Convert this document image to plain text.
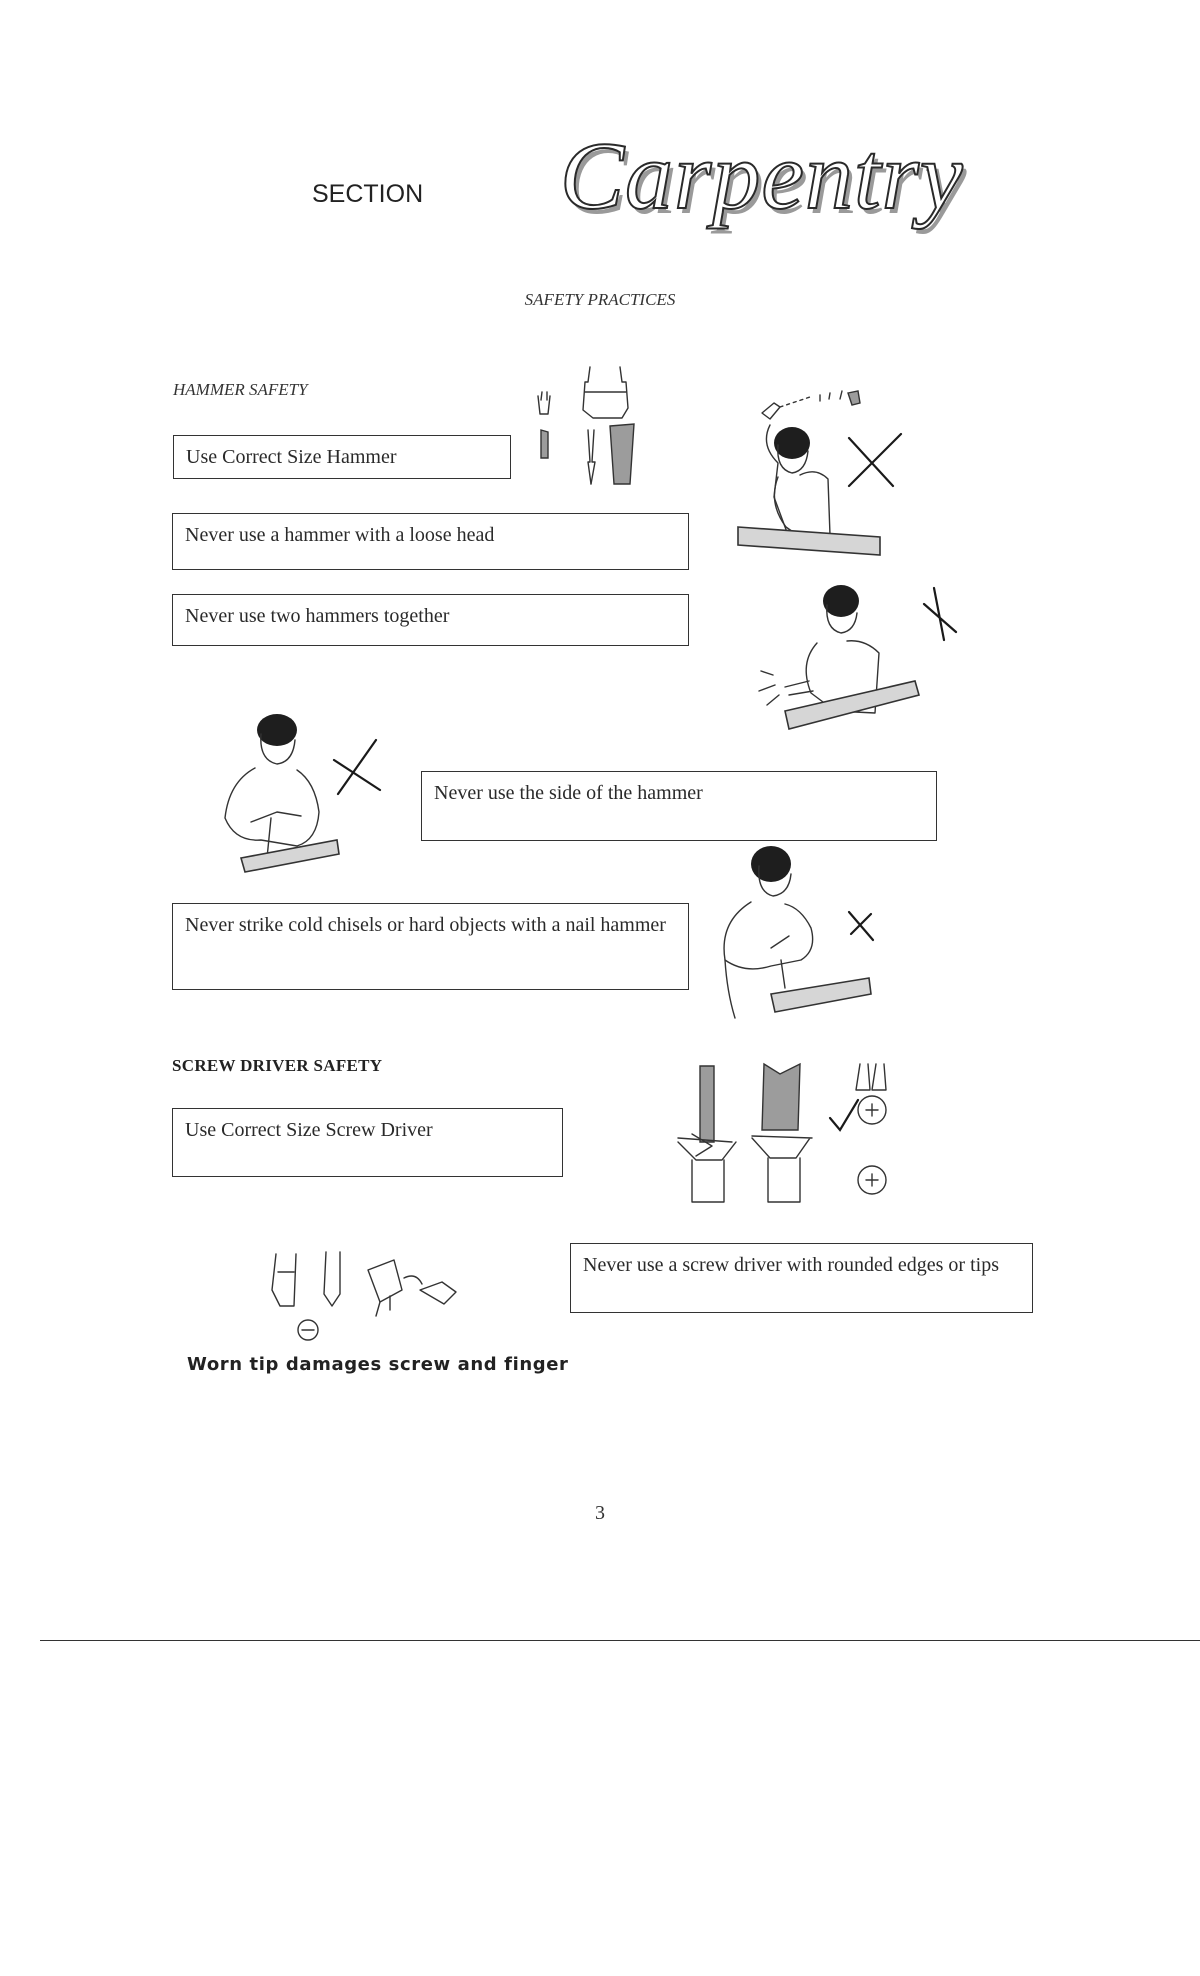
SECTION Carpentry
SAFETY PRACTICES
HAMMER SAFETY
Use Correct Size Hammer
Never use a hammer with a loose head
Never use two hammers together
Never use the side of the hammer
Never strike cold chisels or hard objects with a nail hammer
SCREW DRIVER SAFETY
Use Correct Size Screw Driver
Never use a screw driver with rounded edges or tips
Worn tip damages screw and finger
3
